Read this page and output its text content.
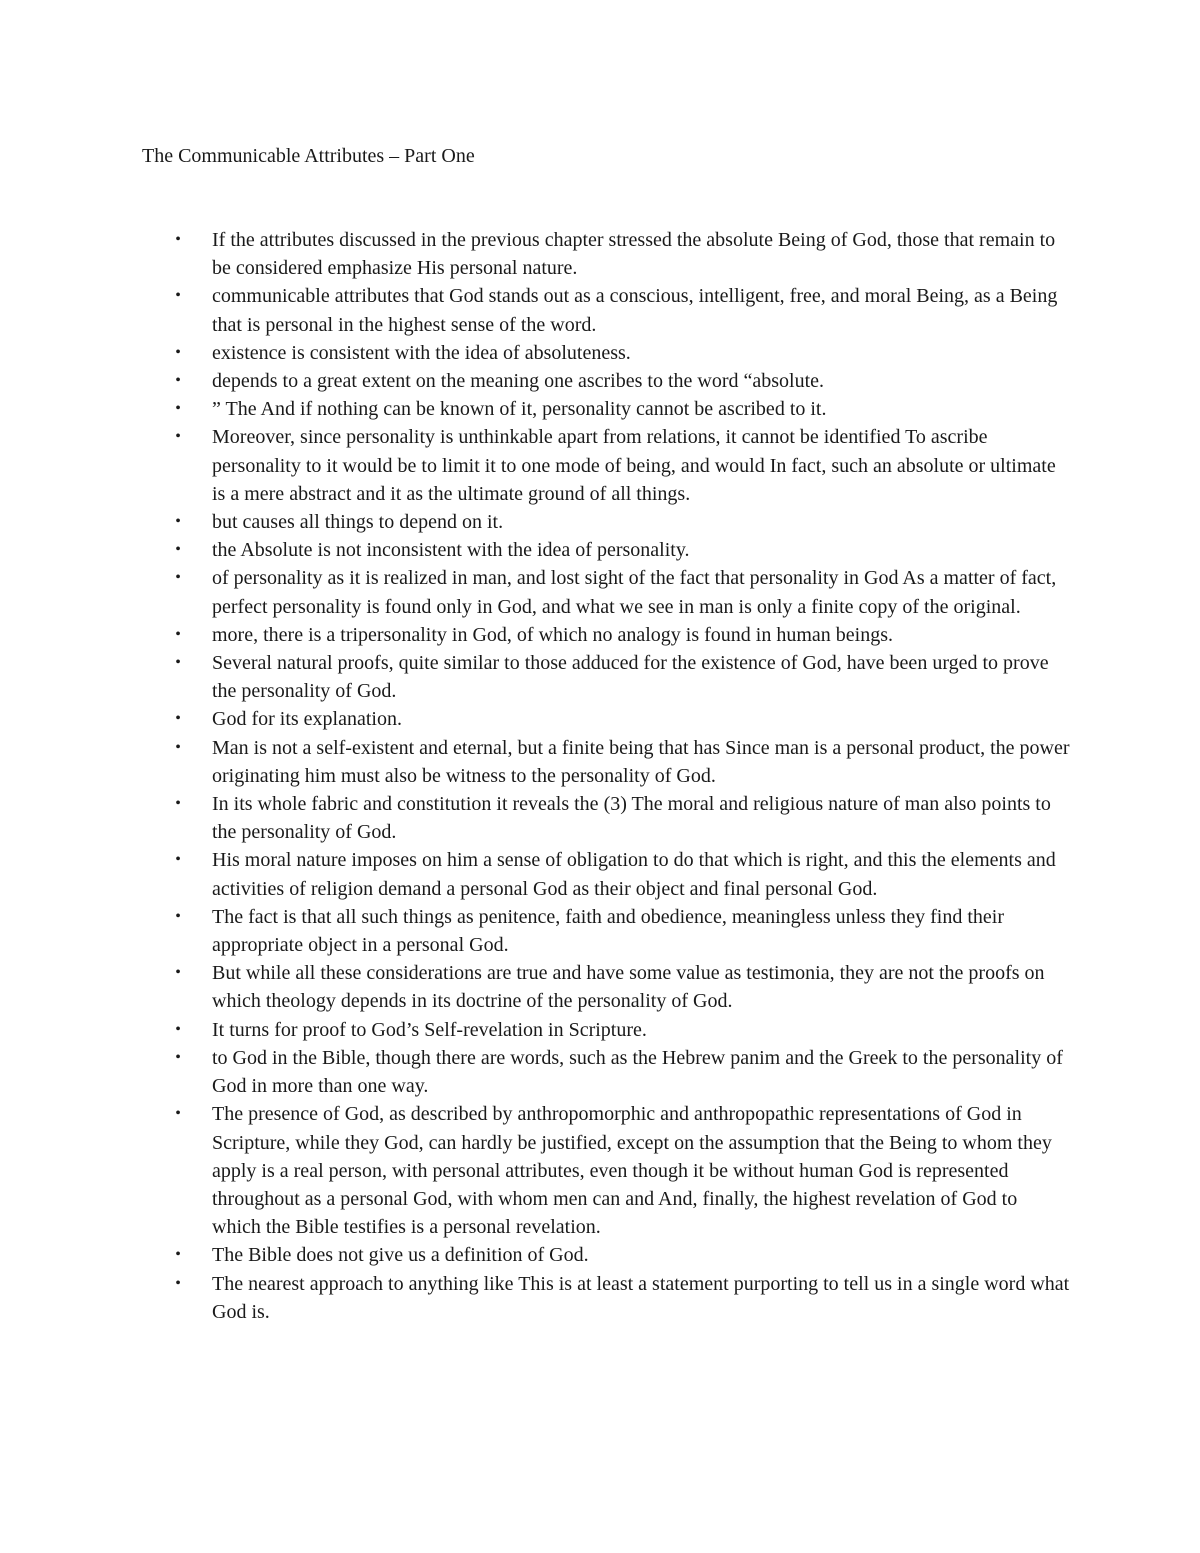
The Communicable Attributes – Part One
• If the attributes discussed in the previous chapter stressed the absolute Being of God, those that remain to be considered emphasize His personal nature.
• communicable attributes that God stands out as a conscious, intelligent, free, and moral Being, as a Being that is personal in the highest sense of the word.
• existence is consistent with the idea of absoluteness.
• depends to a great extent on the meaning one ascribes to the word “absolute.
• ” The And if nothing can be known of it, personality cannot be ascribed to it.
• Moreover, since personality is unthinkable apart from relations, it cannot be identified To ascribe personality to it would be to limit it to one mode of being, and would In fact, such an absolute or ultimate is a mere abstract and it as the ultimate ground of all things.
• but causes all things to depend on it.
• the Absolute is not inconsistent with the idea of personality.
• of personality as it is realized in man, and lost sight of the fact that personality in God As a matter of fact, perfect personality is found only in God, and what we see in man is only a finite copy of the original.
• more, there is a tripersonality in God, of which no analogy is found in human beings.
• Several natural proofs, quite similar to those adduced for the existence of God, have been urged to prove the personality of God.
• God for its explanation.
• Man is not a self-existent and eternal, but a finite being that has Since man is a personal product, the power originating him must also be witness to the personality of God.
• In its whole fabric and constitution it reveals the (3) The moral and religious nature of man also points to the personality of God.
• His moral nature imposes on him a sense of obligation to do that which is right, and this the elements and activities of religion demand a personal God as their object and final personal God.
• The fact is that all such things as penitence, faith and obedience, meaningless unless they find their appropriate object in a personal God.
• But while all these considerations are true and have some value as testimonia, they are not the proofs on which theology depends in its doctrine of the personality of God.
• It turns for proof to God’s Self-revelation in Scripture.
• to God in the Bible, though there are words, such as the Hebrew panim and the Greek to the personality of God in more than one way.
• The presence of God, as described by anthropomorphic and anthropopathic representations of God in Scripture, while they God, can hardly be justified, except on the assumption that the Being to whom they apply is a real person, with personal attributes, even though it be without human God is represented throughout as a personal God, with whom men can and And, finally, the highest revelation of God to which the Bible testifies is a personal revelation.
• The Bible does not give us a definition of God.
• The nearest approach to anything like This is at least a statement purporting to tell us in a single word what God is.
